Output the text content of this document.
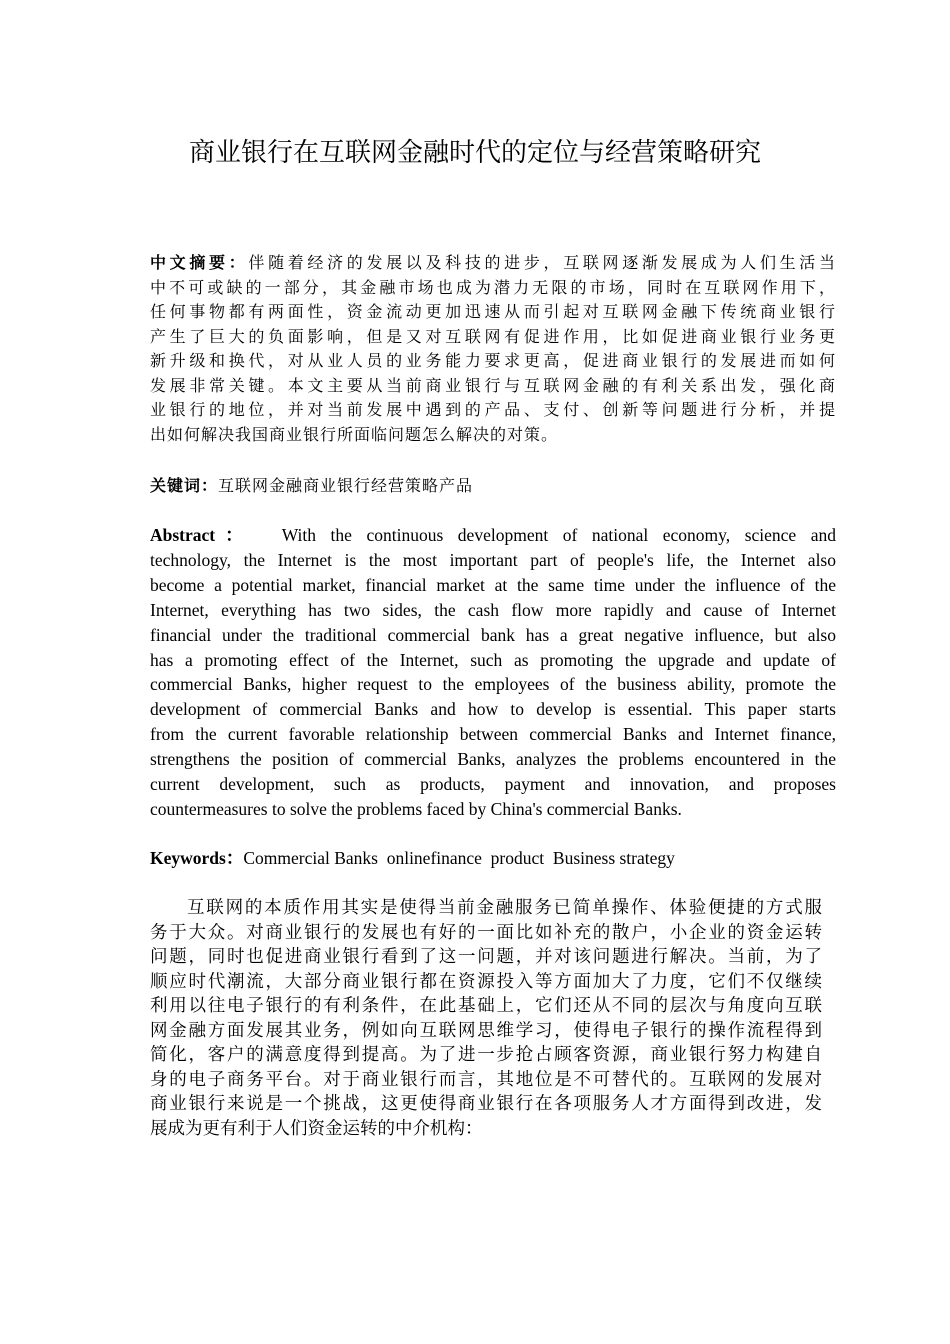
商业银行在互联网金融时代的定位与经营策略研究
中文摘要：伴随着经济的发展以及科技的进步，互联网逐渐发展成为人们生活当
中不可或缺的一部分，其金融市场也成为潜力无限的市场，同时在互联网作用下，
任何事物都有两面性，资金流动更加迅速从而引起对互联网金融下传统商业银行
产生了巨大的负面影响，但是又对互联网有促进作用，比如促进商业银行业务更
新升级和换代，对从业人员的业务能力要求更高，促进商业银行的发展进而如何
发展非常关键。本文主要从当前商业银行与互联网金融的有利关系出发，强化商
业银行的地位，并对当前发展中遇到的产品、支付、创新等问题进行分析，并提
出如何解决我国商业银行所面临问题怎么解决的对策。
关键词：互联网金融商业银行经营策略产品
Abstract： With the continuous development of national economy, science and
technology, the Internet is the most important part of people's life, the Internet also
become a potential market, financial market at the same time under the influence of the
Internet, everything has two sides, the cash flow more rapidly and cause of Internet
financial under the traditional commercial bank has a great negative influence, but also
has a promoting effect of the Internet, such as promoting the upgrade and update of
commercial Banks, higher request to the employees of the business ability, promote the
development of commercial Banks and how to develop is essential. This paper starts
from the current favorable relationship between commercial Banks and Internet finance,
strengthens the position of commercial Banks, analyzes the problems encountered in the
current development, such as products, payment and innovation, and proposes
countermeasures to solve the problems faced by China's commercial Banks.
Keywords：Commercial Banks  onlinefinance  product  Business strategy
互联网的本质作用其实是使得当前金融服务已简单操作、体验便捷的方式服
务于大众。对商业银行的发展也有好的一面比如补充的散户，小企业的资金运转
问题，同时也促进商业银行看到了这一问题，并对该问题进行解决。当前，为了
顺应时代潮流，大部分商业银行都在资源投入等方面加大了力度，它们不仅继续
利用以往电子银行的有利条件，在此基础上，它们还从不同的层次与角度向互联
网金融方面发展其业务，例如向互联网思维学习，使得电子银行的操作流程得到
简化，客户的满意度得到提高。为了进一步抢占顾客资源，商业银行努力构建自
身的电子商务平台。对于商业银行而言，其地位是不可替代的。互联网的发展对
商业银行来说是一个挑战，这更使得商业银行在各项服务人才方面得到改进，发
展成为更有利于人们资金运转的中介机构：
